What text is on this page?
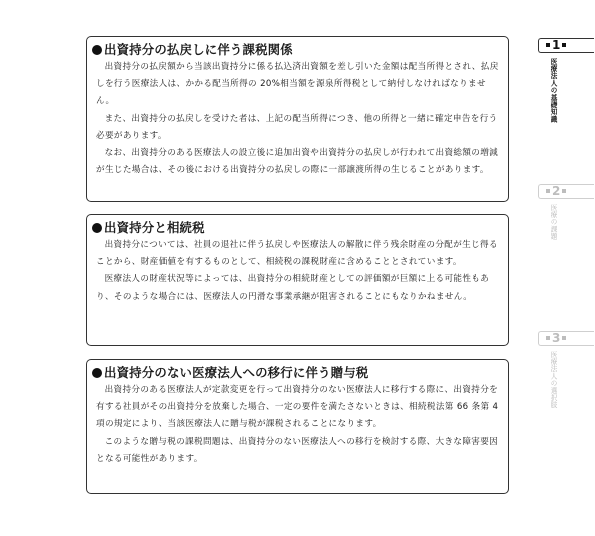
出資持分の払戻しに伴う課税関係

出資持分の払戻額から当該出資持分に係る払込済出資額を差し引いた金額は配当所得とされ、払戻しを行う医療法人は、かかる配当所得の 20%相当額を源泉所得税として納付しなければなりません。

また、出資持分の払戻しを受けた者は、上記の配当所得につき、他の所得と一緒に確定申告を行う必要があります。

なお、出資持分のある医療法人の設立後に追加出資や出資持分の払戻しが行われて出資総額の増減が生じた場合は、その後における出資持分の払戻しの際に一部譲渡所得の生じることがあります。

出資持分と相続税

出資持分については、社員の退社に伴う払戻しや医療法人の解散に伴う残余財産の分配が生じ得ることから、財産価値を有するものとして、相続税の課税財産に含めることとされています。

医療法人の財産状況等によっては、出資持分の相続財産としての評価額が巨額に上る可能性もあり、そのような場合には、医療法人の円滑な事業承継が阻害されることにもなりかねません。

出資持分のない医療法人への移行に伴う贈与税

出資持分のある医療法人が定款変更を行って出資持分のない医療法人に移行する際に、出資持分を有する社員がその出資持分を放棄した場合、一定の要件を満たさないときは、相続税法第 66 条第 4 項の規定により、当該医療法人に贈与税が課税されることになります。

このような贈与税の課税問題は、出資持分のない医療法人への移行を検討する際、大きな障害要因となる可能性があります。

1
医療法人の基礎知識
2
医療の課題
3
医療法人の選択肢
